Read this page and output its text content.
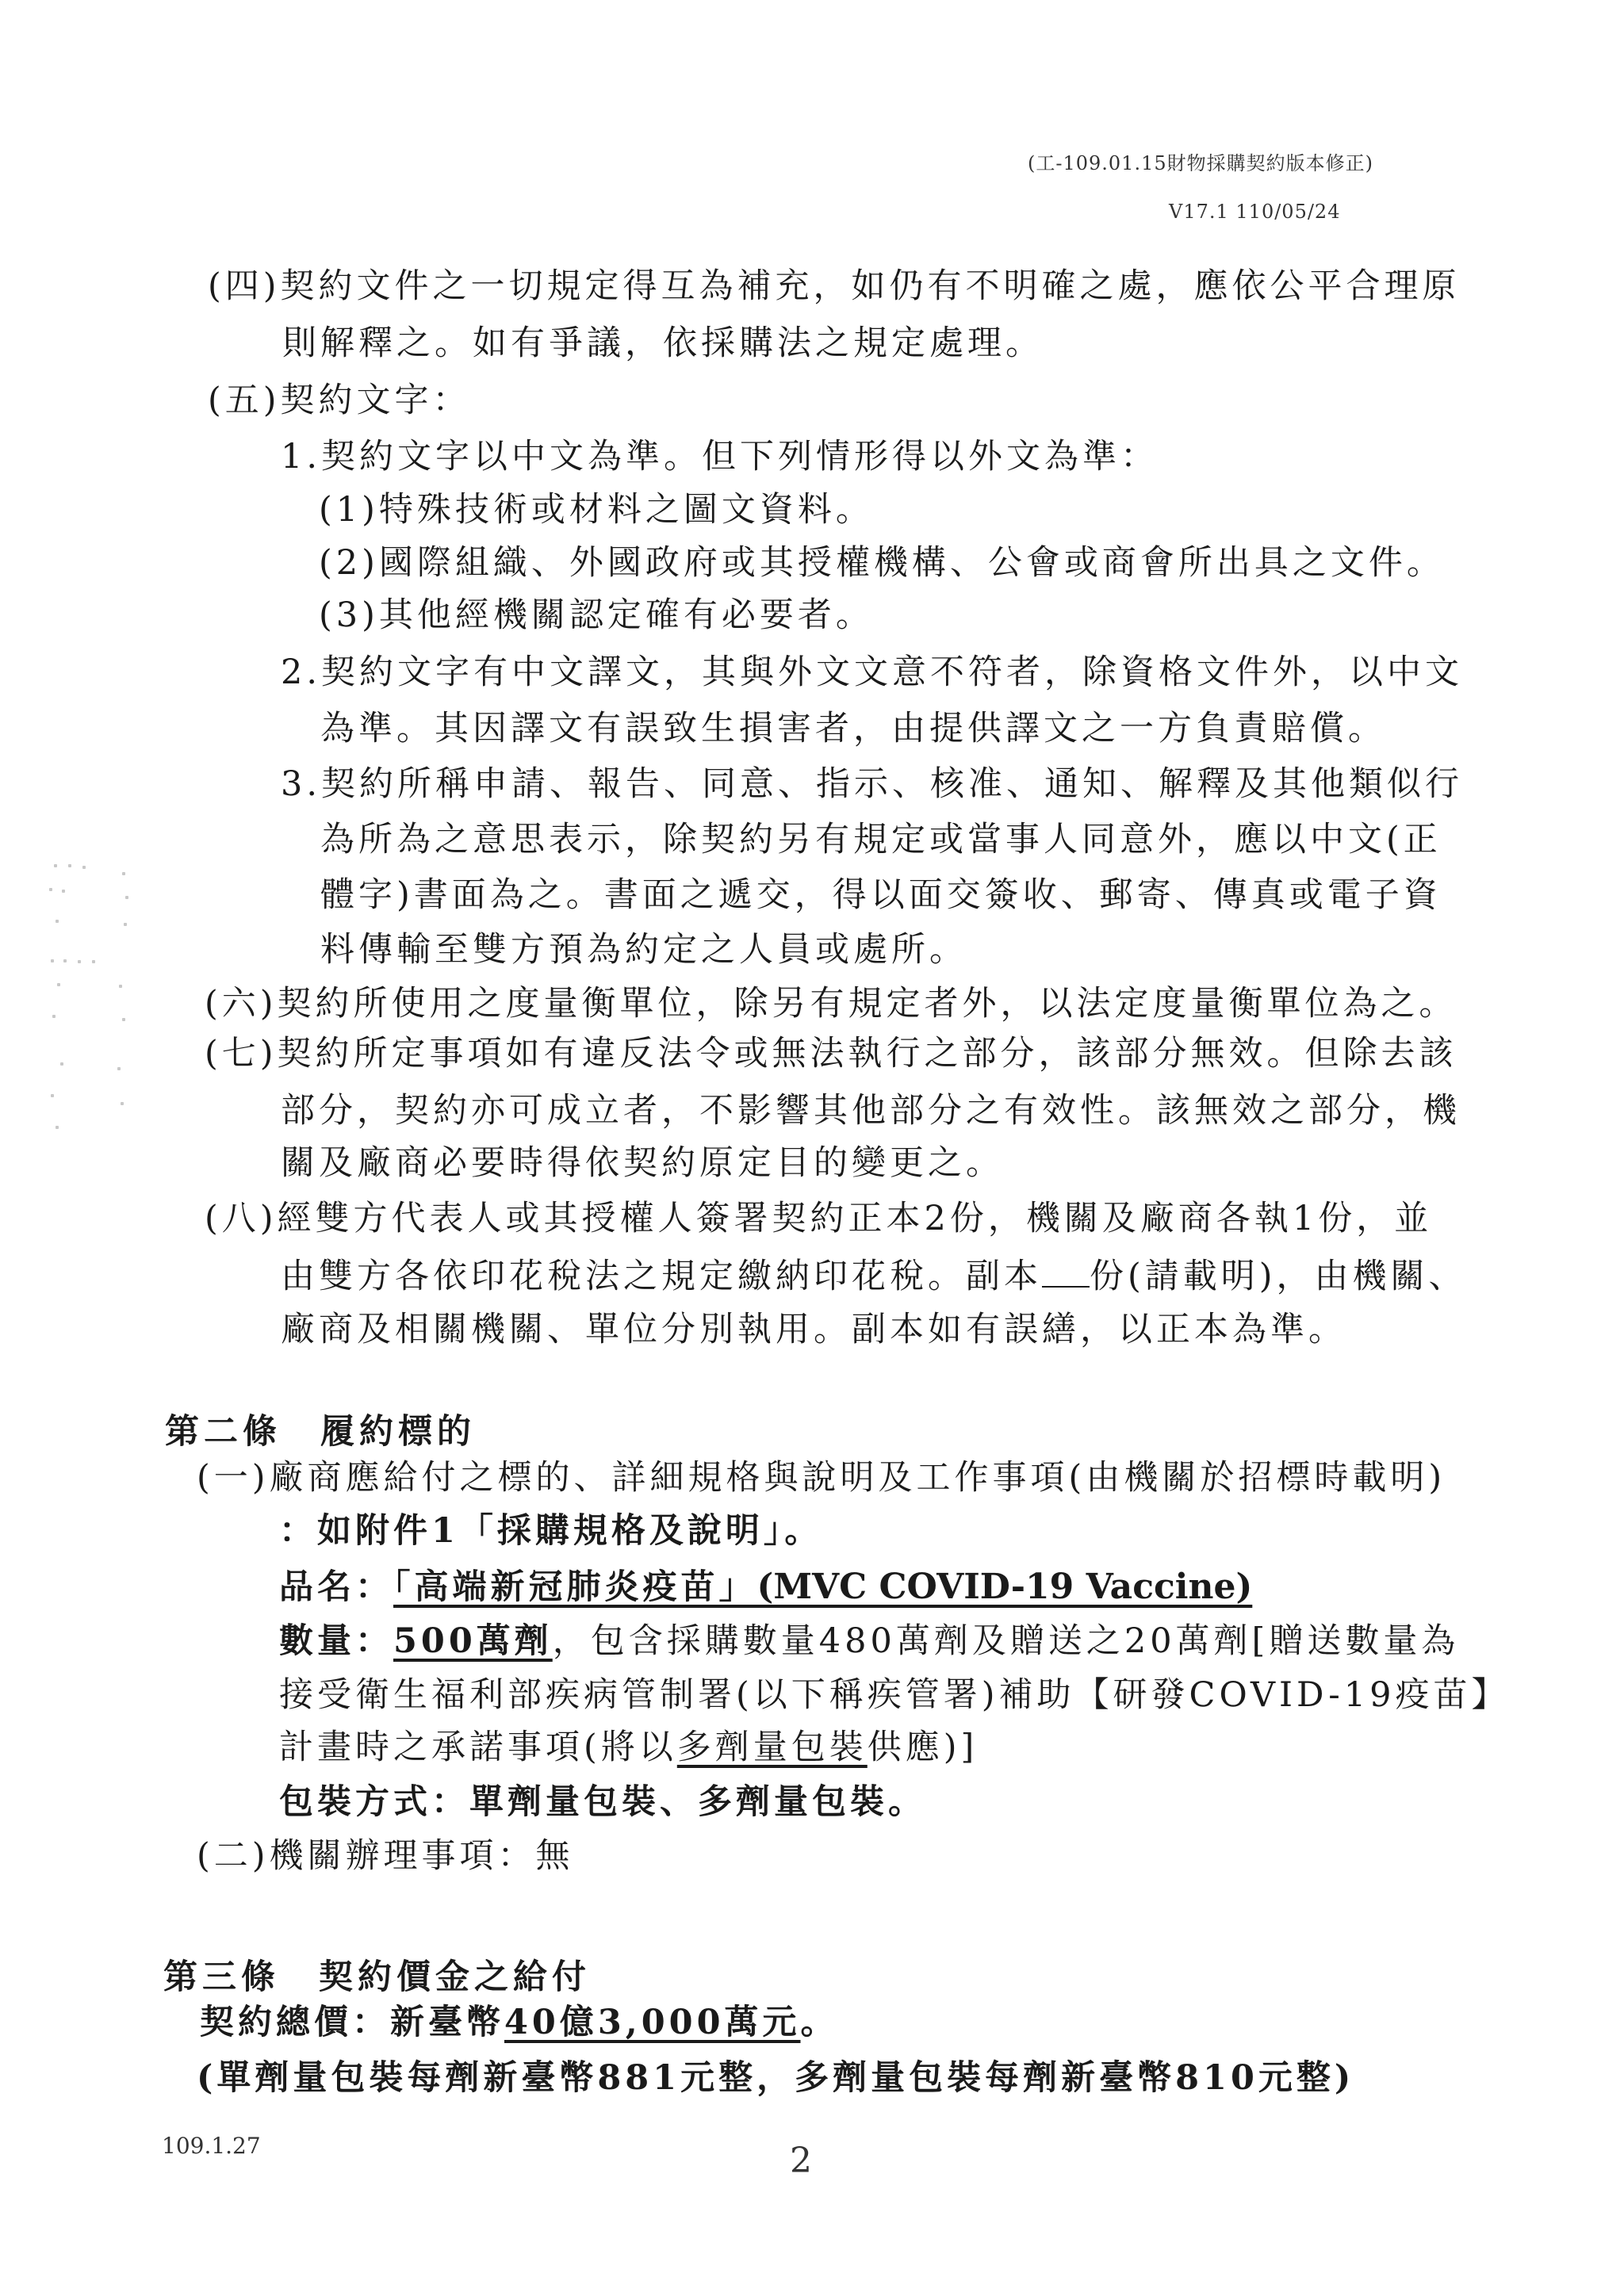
(工-109.01.15財物採購契約版本修正)
V17.1 110/05/24
(四)契約文件之一切規定得互為補充，如仍有不明確之處，應依公平合理原
則解釋之。如有爭議，依採購法之規定處理。
(五)契約文字：
1.契約文字以中文為準。但下列情形得以外文為準：
(1)特殊技術或材料之圖文資料。
(2)國際組織、外國政府或其授權機構、公會或商會所出具之文件。
(3)其他經機關認定確有必要者。
2.契約文字有中文譯文，其與外文文意不符者，除資格文件外，以中文
為準。其因譯文有誤致生損害者，由提供譯文之一方負責賠償。
3.契約所稱申請、報告、同意、指示、核准、通知、解釋及其他類似行
為所為之意思表示，除契約另有規定或當事人同意外，應以中文(正
體字)書面為之。書面之遞交，得以面交簽收、郵寄、傳真或電子資
料傳輸至雙方預為約定之人員或處所。
(六)契約所使用之度量衡單位，除另有規定者外，以法定度量衡單位為之。
(七)契約所定事項如有違反法令或無法執行之部分，該部分無效。但除去該
部分，契約亦可成立者，不影響其他部分之有效性。該無效之部分，機
關及廠商必要時得依契約原定目的變更之。
(八)經雙方代表人或其授權人簽署契約正本2份，機關及廠商各執1份，並
由雙方各依印花稅法之規定繳納印花稅。副本 份(請載明)，由機關、
廠商及相關機關、單位分別執用。副本如有誤繕，以正本為準。
第二條　履約標的
(一)廠商應給付之標的、詳細規格與說明及工作事項(由機關於招標時載明)
：如附件1「採購規格及說明」。
品名：「高端新冠肺炎疫苗」(MVC COVID-19 Vaccine)
數量：500萬劑，包含採購數量480萬劑及贈送之20萬劑[贈送數量為
接受衛生福利部疾病管制署(以下稱疾管署)補助【研發COVID-19疫苗】
計畫時之承諾事項(將以多劑量包裝供應)]
包裝方式：單劑量包裝、多劑量包裝。
(二)機關辦理事項：無
第三條　契約價金之給付
契約總價：新臺幣40億3,000萬元。
(單劑量包裝每劑新臺幣881元整，多劑量包裝每劑新臺幣810元整)
109.1.27	2
